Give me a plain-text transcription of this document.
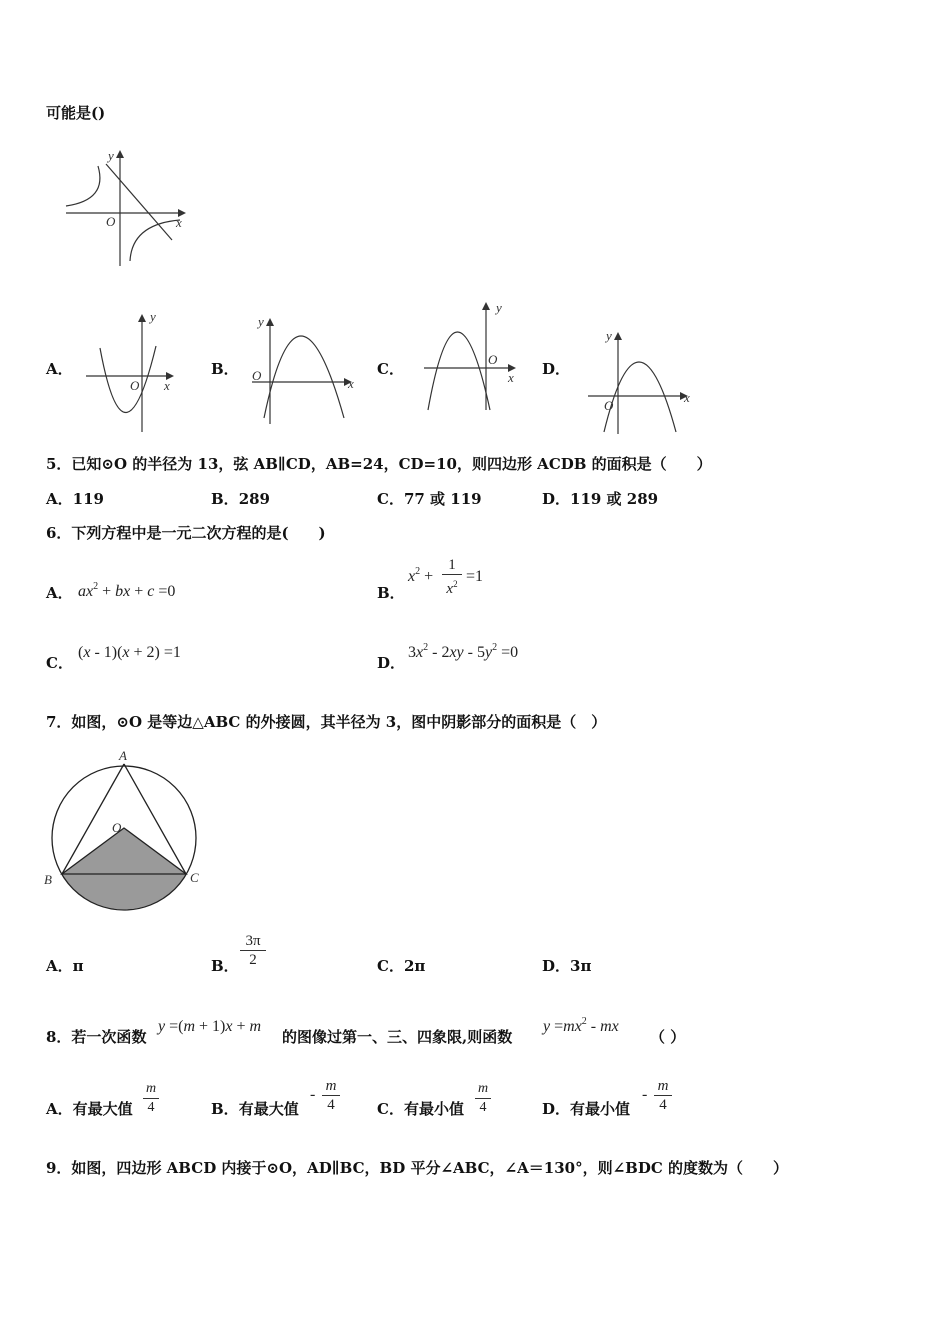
可能是()
y
O	x
A．
y
O x
B．
y
O
x
C．
y
O
x D．
y
O
x
5．已知⊙O 的半径为 13，弦 AB∥CD，AB=24，CD=10，则四边形 ACDB 的面积是（　　）
A．119	B．289	C．77 或 119	D．119 或 289
6．下列方程中是一元二次方程的是(　　)
A． $ax^2$ + bx + c =0	B．
$x^2 + \frac{1}{x^2} =1$
C．
(x - 1)(x + 2) =1
D．
$3x^2 - 2xy - 5y^2 =0$
7．如图，⊙O 是等边△ABC 的外接圆，其半径为 3，图中阴影部分的面积是（　）
A
O
B	C
A．π	B． $\frac{3\pi}{2}$	C．2π	D．3π
8．若一次函数
y =(m + 1)x + m
的图像过第一、三、四象限,则函数
$y =mx^2$ - mx
（ ）
A．有最大值 $\frac{m}{4}$	B．有最大值
- $\frac{m}{4}$ C．有最小值 $\frac{m}{4}$	D．有最小值
- $\frac{m}{4}$
9．如图，四边形 ABCD 内接于⊙O，AD∥BC，BD 平分∠ABC，∠A＝130°，则∠BDC 的度数为（　　）
